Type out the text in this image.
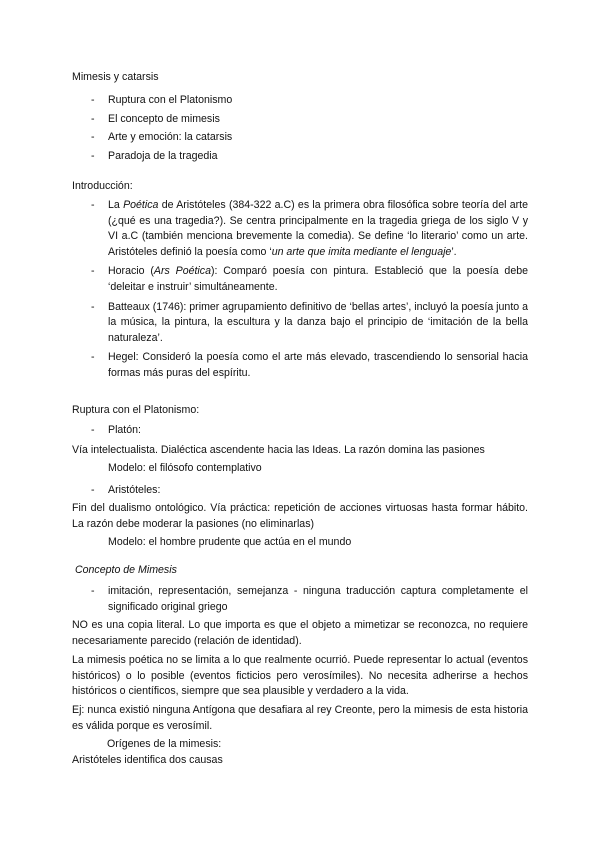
Mimesis y catarsis

- Ruptura con el Platonismo
- El concepto de mimesis
- Arte y emoción: la catarsis
- Paradoja de la tragedia

Introducción:

- La Poética de Aristóteles (384-322 a.C) es la primera obra filosófica sobre teoría del arte (¿qué es una tragedia?). Se centra principalmente en la tragedia griega de los siglo V y VI a.C (también menciona brevemente la comedia). Se define ‘lo literario’ como un arte. Aristóteles definió la poesía como ‘un arte que imita mediante el lenguaje’.
- Horacio (Ars Poética): Comparó poesía con pintura. Estableció que la poesía debe ‘deleitar e instruir’ simultáneamente.
- Batteaux (1746): primer agrupamiento definitivo de ‘bellas artes’, incluyó la poesía junto a la música, la pintura, la escultura y la danza bajo el principio de ‘imitación de la bella naturaleza’.
- Hegel: Consideró la poesía como el arte más elevado, trascendiendo lo sensorial hacia formas más puras del espíritu.

Ruptura con el Platonismo:

- Platón:

Vía intelectualista. Dialéctica ascendente hacia las Ideas. La razón domina las pasiones

Modelo: el filósofo contemplativo

- Aristóteles:

Fin del dualismo ontológico. Vía práctica: repetición de acciones virtuosas hasta formar hábito. La razón debe moderar la pasiones (no eliminarlas)

Modelo: el hombre prudente que actúa en el mundo

Concepto de Mimesis

- imitación, representación, semejanza - ninguna traducción captura completamente el significado original griego

NO es una copia literal. Lo que importa es que el objeto a mimetizar se reconozca, no requiere necesariamente parecido (relación de identidad).

La mimesis poética no se limita a lo que realmente ocurrió. Puede representar lo actual (eventos históricos) o lo posible (eventos ficticios pero verosímiles). No necesita adherirse a hechos históricos o científicos, siempre que sea plausible y verdadero a la vida.

Ej: nunca existió ninguna Antígona que desafiara al rey Creonte, pero la mimesis de esta historia es válida porque es verosímil.

Orígenes de la mimesis:

Aristóteles identifica dos causas
